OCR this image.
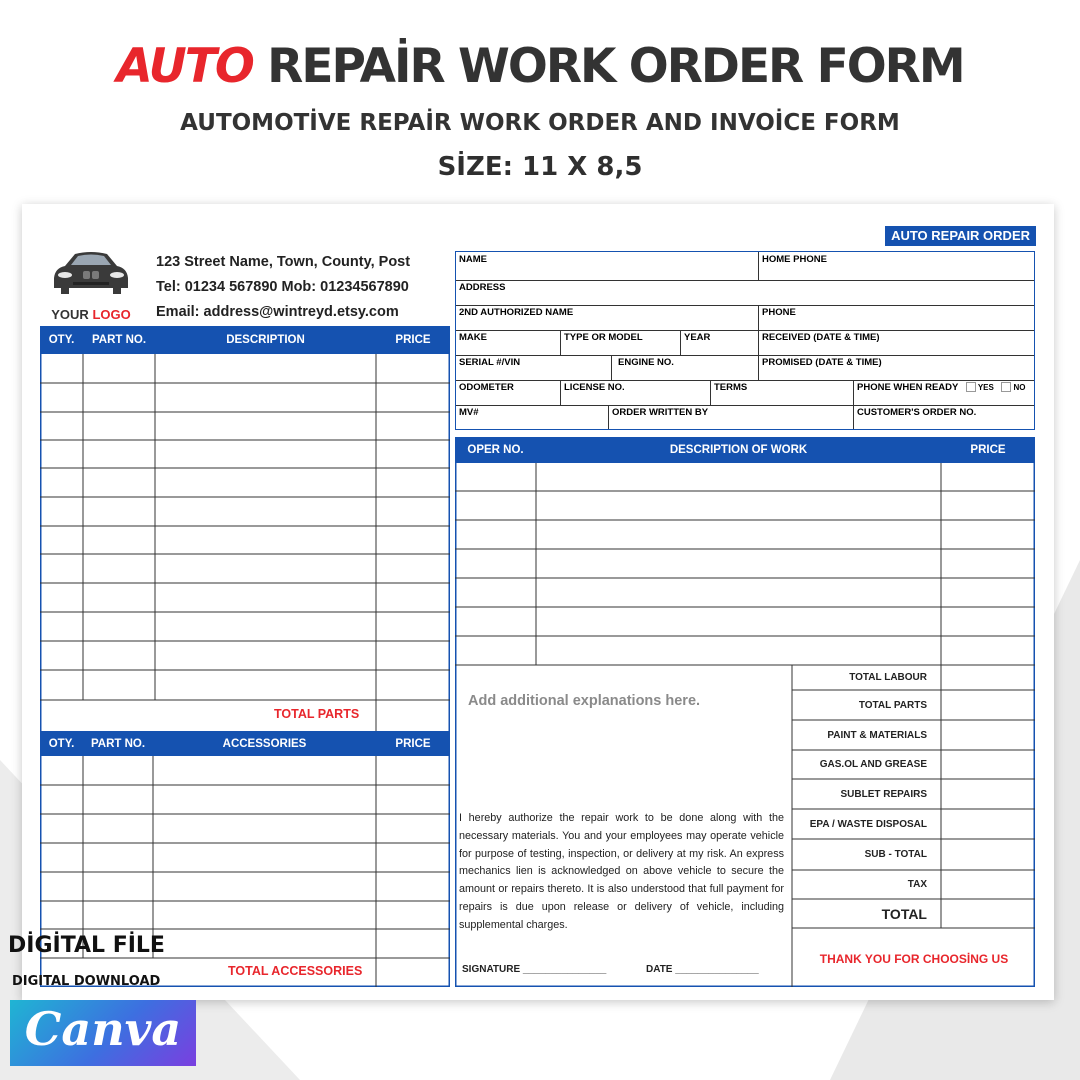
AUTO REPAİR WORK ORDER FORM
AUTOMOTİVE REPAİR WORK ORDER AND INVOİCE FORM
SİZE: 11 X 8,5
YOUR LOGO
123 Street Name, Town, County, Post
Tel: 01234 567890 Mob: 01234567890
Email: address@wintreyd.etsy.com
AUTO REPAIR ORDER
OTY.	PART NO.	DESCRIPTION	PRICE
TOTAL PARTS
OTY.	PART NO.	ACCESSORIES	PRICE
TOTAL ACCESSORIES
NAME	HOME PHONE
ADDRESS
2ND AUTHORIZED NAME	PHONE
MAKE	TYPE OR MODEL	YEAR	RECEIVED (DATE & TIME)
SERIAL #/VIN	ENGINE NO.	PROMISED (DATE & TIME)
ODOMETER	LICENSE NO.	TERMS	PHONE WHEN READY YES NO
MV#	ORDER WRITTEN BY	CUSTOMER'S ORDER NO.
OPER NO.	DESCRIPTION OF WORK	PRICE
Add additional explanations here.
I hereby authorize the repair work to be done along with the necessary materials. You and your employees may operate vehicle for purpose of testing, inspection, or delivery at my risk. An express mechanics lien is acknowledged on above vehicle to secure the amount or repairs thereto. It is also understood that full payment for repairs is due upon release or delivery of vehicle, including supplemental charges.
SIGNATURE _______________	DATE _______________
TOTAL LABOUR
TOTAL PARTS
PAINT & MATERIALS
GAS.OL AND GREASE
SUBLET REPAIRS
EPA / WASTE DISPOSAL
SUB - TOTAL
TAX
TOTAL
THANK YOU FOR CHOOSİNG US
DİGİTAL FİLE
DIGITAL DOWNLOAD
Canva
